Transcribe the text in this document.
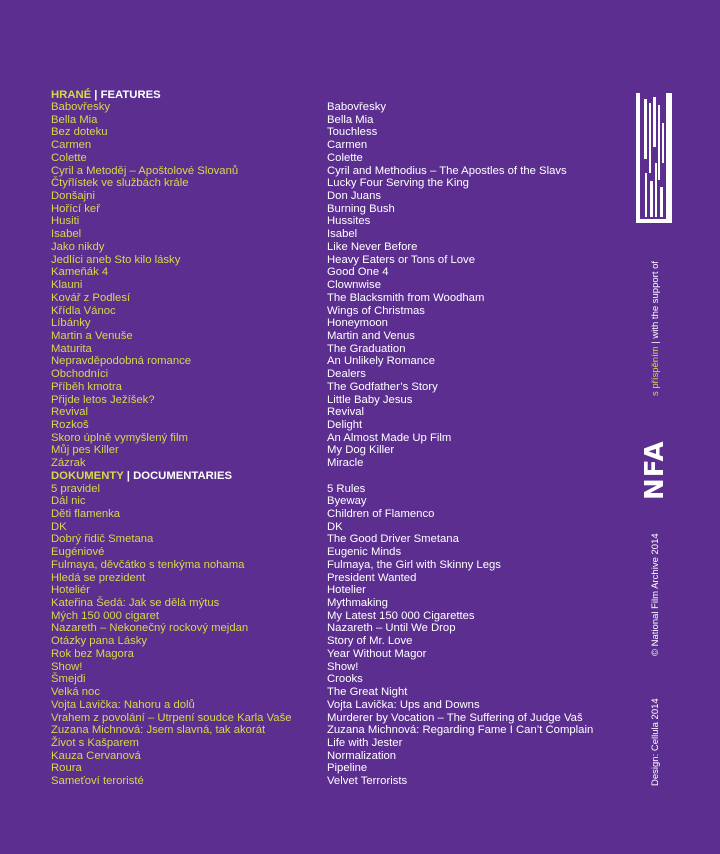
HRANÉ | FEATURES
Babovřesky	Babovřesky
Bella Mia	Bella Mia
Bez doteku	Touchless
Carmen	Carmen
Colette	Colette
Cyril a Metoděj – Apoštolové Slovanů	Cyril and Methodius – The Apostles of the Slavs
Čtyřlístek ve službách krále	Lucky Four Serving the King
Donšajni	Don Juans
Hořící keř	Burning Bush
Husiti	Hussites
Isabel	Isabel
Jako nikdy	Like Never Before
Jedlíci aneb Sto kilo lásky	Heavy Eaters or Tons of Love
Kameňák 4	Good One 4
Klauni	Clownwise
Kovář z Podlesí	The Blacksmith from Woodham
Křídla Vánoc	Wings of Christmas
Líbánky	Honeymoon
Martin a Venuše	Martin and Venus
Maturita	The Graduation
Nepravděpodobná romance	An Unlikely Romance
Obchodníci	Dealers
Příběh kmotra	The Godfather’s Story
Přijde letos Ježíšek?	Little Baby Jesus
Revival	Revival
Rozkoš	Delight
Skoro úplně vymyšlený film	An Almost Made Up Film
Můj pes Killer	My Dog Killer
Zázrak	Miracle
DOKUMENTY | DOCUMENTARIES
5 pravidel	5 Rules
Dál nic	Byeway
Děti flamenka	Children of Flamenco
DK	DK
Dobrý řidič Smetana	The Good Driver Smetana
Eugéniové	Eugenic Minds
Fulmaya, děvčátko s tenkýma nohama	Fulmaya, the Girl with Skinny Legs
Hledá se prezident	President Wanted
Hoteliér	Hotelier
Kateřina Šedá: Jak se dělá mýtus	Mythmaking
Mých 150 000 cigaret	My Latest 150 000 Cigarettes
Nazareth – Nekonečný rockový mejdan	Nazareth – Until We Drop
Otázky pana Lásky	Story of Mr. Love
Rok bez Magora	Year Without Magor
Show!	Show!
Šmejdi	Crooks
Velká noc	The Great Night
Vojta Lavička: Nahoru a dolů	Vojta Lavička: Ups and Downs
Vrahem z povolání – Utrpení soudce Karla Vaše	Murderer by Vocation – The Suffering of Judge Vaš
Zuzana Michnová: Jsem slavná, tak akorát	Zuzana Michnová: Regarding Fame I Can’t Complain
Život s Kašparem	Life with Jester
Kauza Cervanová	Normalization
Roura	Pipeline
Sameťoví teroristé	Velvet Terrorists
s příspěním | with the support of
NFA
© National Film Archive 2014
Design: Cellula 2014
